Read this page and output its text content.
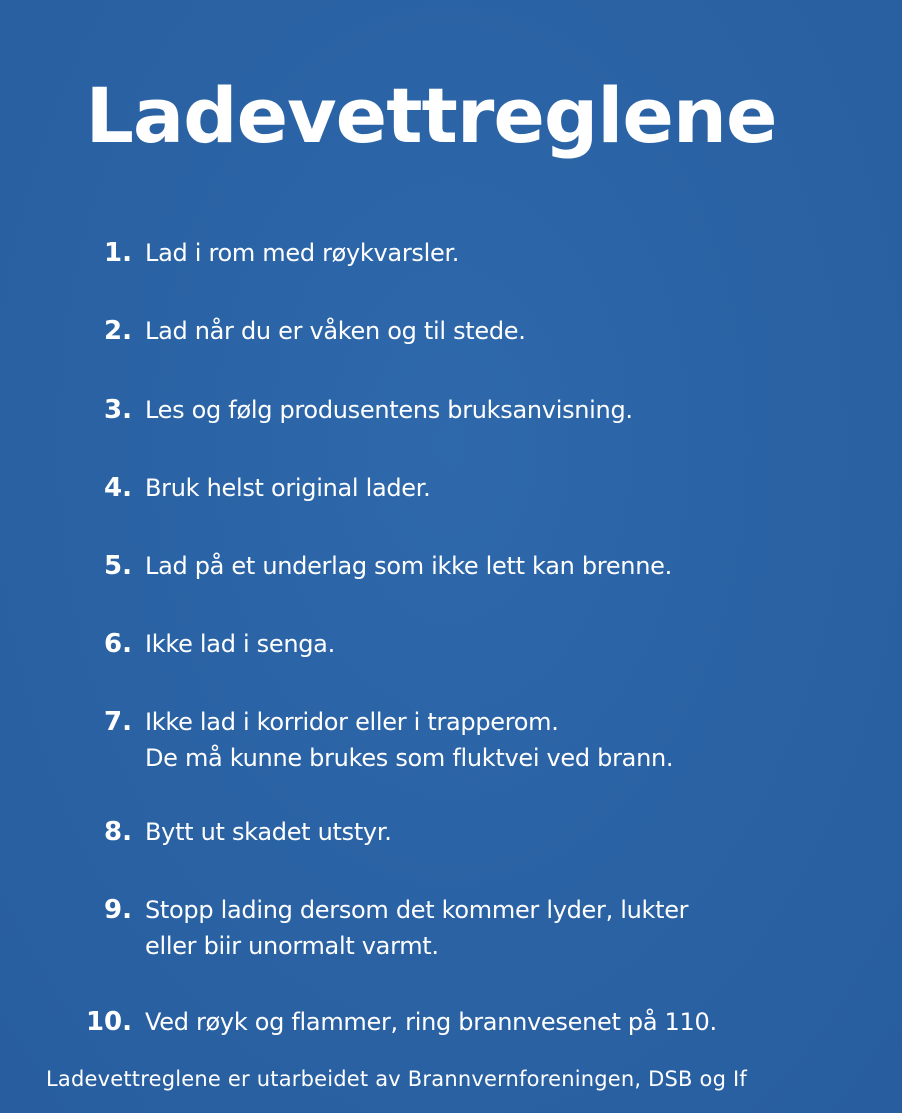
Ladevettreglene
1. Lad i rom med røykvarsler.
2. Lad når du er våken og til stede.
3. Les og følg produsentens bruksanvisning.
4. Bruk helst original lader.
5. Lad på et underlag som ikke lett kan brenne.
6. Ikke lad i senga.
7. Ikke lad i korridor eller i trapperom.
De må kunne brukes som fluktvei ved brann.
8. Bytt ut skadet utstyr.
9. Stopp lading dersom det kommer lyder, lukter
eller biir unormalt varmt.
10. Ved røyk og flammer, ring brannvesenet på 110.
Ladevettreglene er utarbeidet av Brannvernforeningen, DSB og If
